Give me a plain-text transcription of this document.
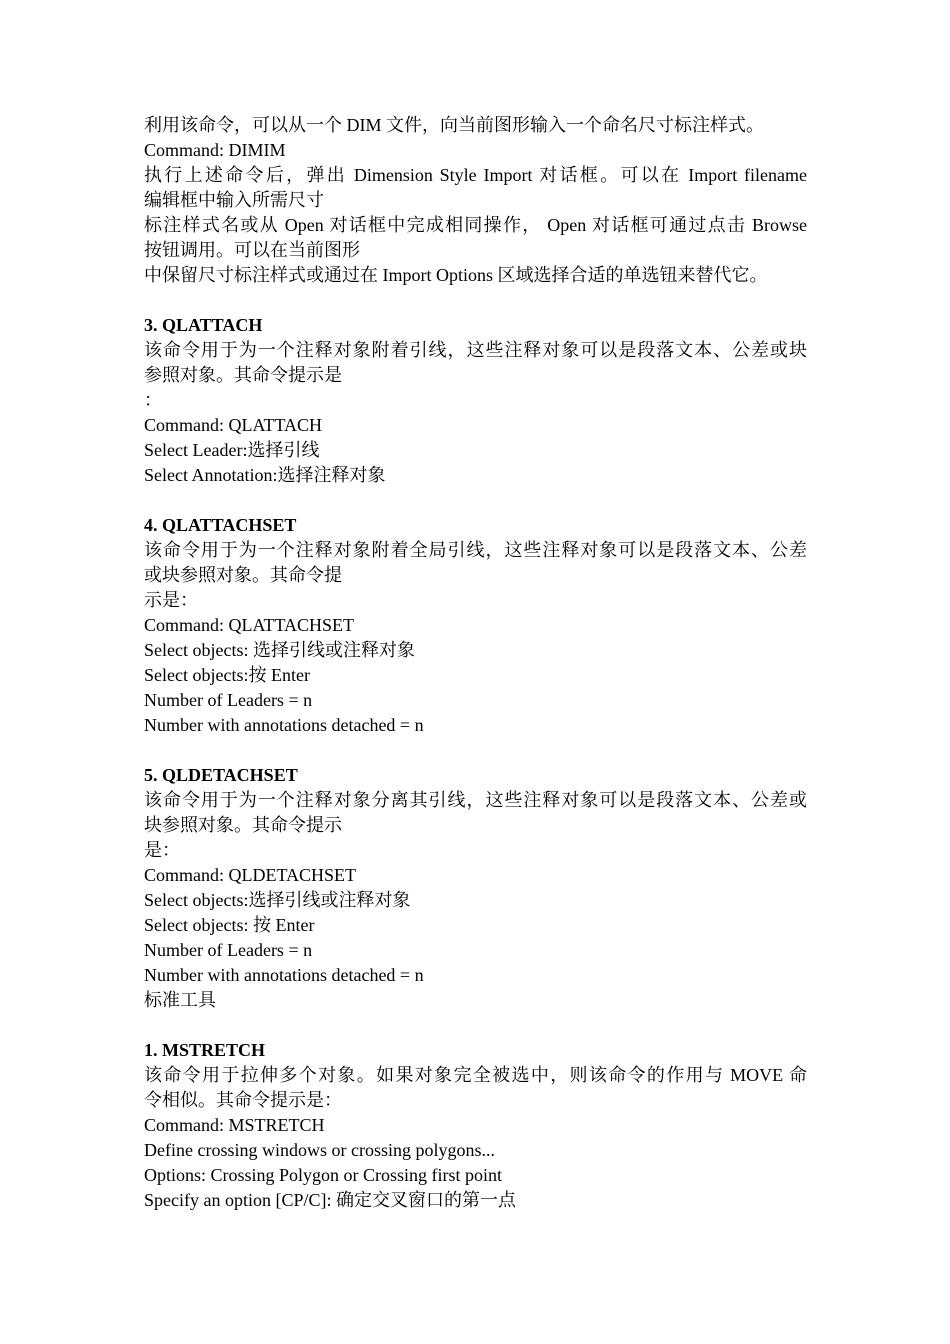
利用该命令，可以从一个 DIM 文件，向当前图形输入一个命名尺寸标注样式。
Command: DIMIM
执行上述命令后，弹出 Dimension Style Import 对话框。可以在 Import filename
编辑框中输入所需尺寸
标注样式名或从 Open 对话框中完成相同操作， Open 对话框可通过点击 Browse
按钮调用。可以在当前图形
中保留尺寸标注样式或通过在 Import Options 区域选择合适的单选钮来替代它。
3. QLATTACH
该命令用于为一个注释对象附着引线，这些注释对象可以是段落文本、公差或块
参照对象。其命令提示是
：
Command: QLATTACH
Select Leader:选择引线
Select Annotation:选择注释对象
4. QLATTACHSET
该命令用于为一个注释对象附着全局引线，这些注释对象可以是段落文本、公差
或块参照对象。其命令提
示是：
Command: QLATTACHSET
Select objects: 选择引线或注释对象
Select objects:按 Enter
Number of Leaders = n
Number with annotations detached = n
5. QLDETACHSET
该命令用于为一个注释对象分离其引线，这些注释对象可以是段落文本、公差或
块参照对象。其命令提示
是：
Command: QLDETACHSET
Select objects:选择引线或注释对象
Select objects: 按 Enter
Number of Leaders = n
Number with annotations detached = n
标准工具
1. MSTRETCH
该命令用于拉伸多个对象。如果对象完全被选中，则该命令的作用与 MOVE 命
令相似。其命令提示是：
Command: MSTRETCH
Define crossing windows or crossing polygons...
Options: Crossing Polygon or Crossing first point
Specify an option [CP/C]: 确定交叉窗口的第一点
